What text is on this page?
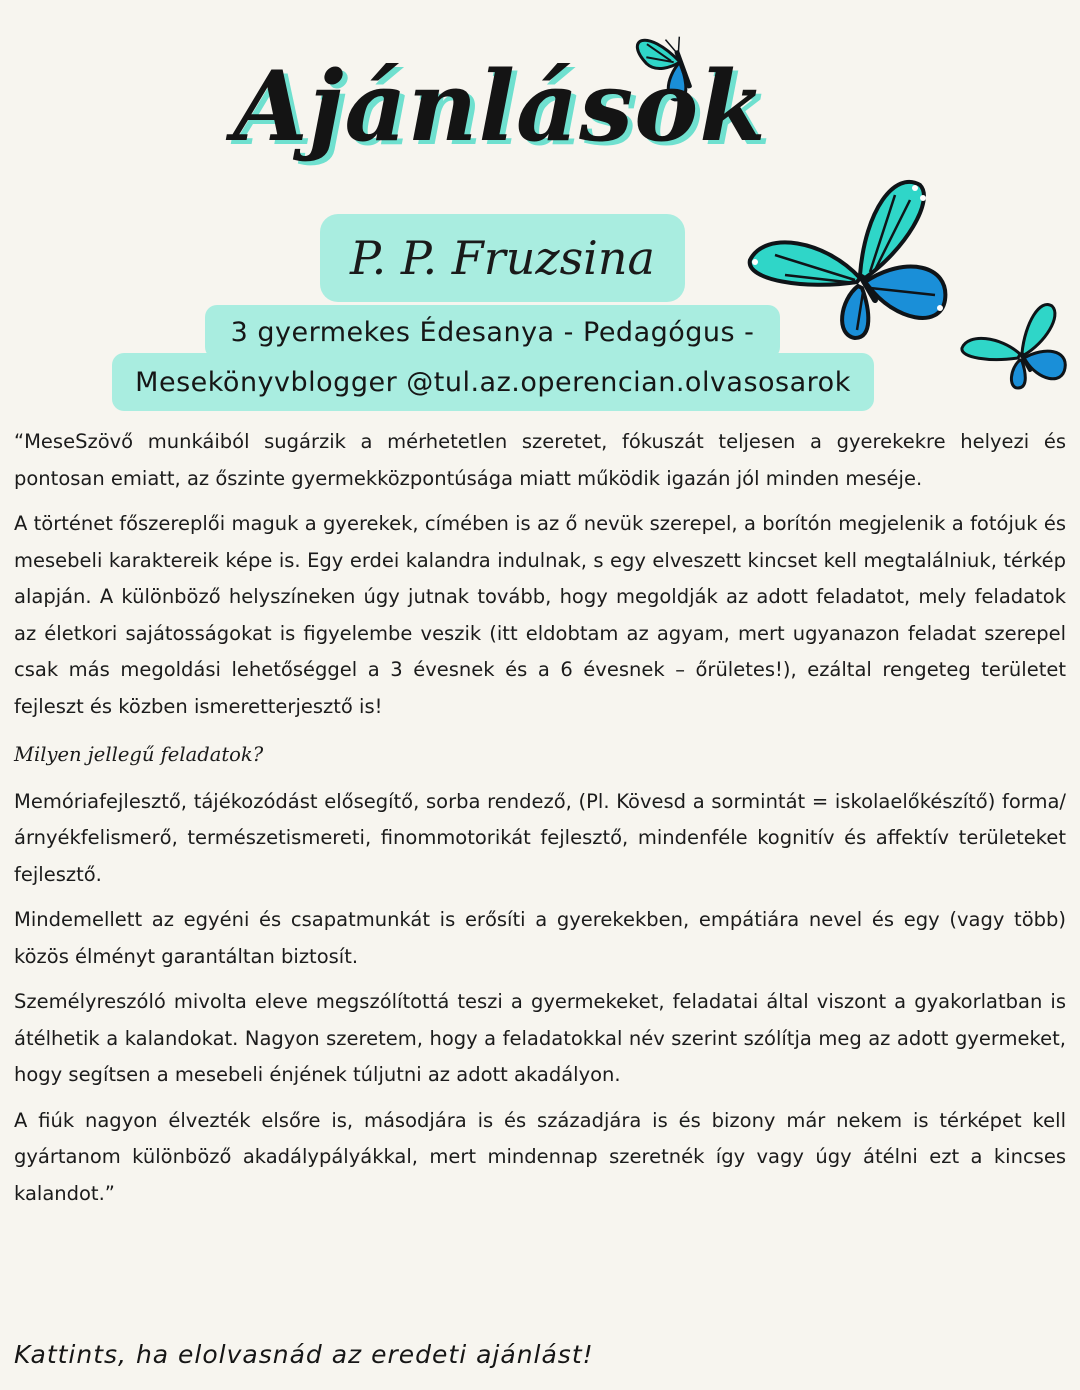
Ajánlások
P. P. Fruzsina
3 gyermekes Édesanya - Pedagógus -
Mesekönyvblogger @tul.az.operencian.olvasosarok

“MeseSzövő munkáiból sugárzik a mérhetetlen szeretet, fókuszát teljesen a gyerekekre helyezi és pontosan emiatt, az őszinte gyermekközpontúsága miatt működik igazán jól minden meséje.

A történet főszereplői maguk a gyerekek, címében is az ő nevük szerepel, a borítón megjelenik a fotójuk és mesebeli karaktereik képe is. Egy erdei kalandra indulnak, s egy elveszett kincset kell megtalálniuk, térkép alapján. A különböző helyszíneken úgy jutnak tovább, hogy megoldják az adott feladatot, mely feladatok az életkori sajátosságokat is figyelembe veszik (itt eldobtam az agyam, mert ugyanazon feladat szerepel csak más megoldási lehetőséggel a 3 évesnek és a 6 évesnek – őrületes!), ezáltal rengeteg területet fejleszt és közben ismeretterjesztő is!

Milyen jellegű feladatok?

Memóriafejlesztő, tájékozódást elősegítő, sorba rendező, (Pl. Kövesd a sormintát = iskolaelőkészítő) forma/árnyékfelismerő, természetismereti, finommotorikát fejlesztő, mindenféle kognitív és affektív területeket fejlesztő.

Mindemellett az egyéni és csapatmunkát is erősíti a gyerekekben, empátiára nevel és egy (vagy több) közös élményt garantáltan biztosít.

Személyreszóló mivolta eleve megszólítottá teszi a gyermekeket, feladatai által viszont a gyakorlatban is átélhetik a kalandokat. Nagyon szeretem, hogy a feladatokkal név szerint szólítja meg az adott gyermeket, hogy segítsen a mesebeli énjének túljutni az adott akadályon.

A fiúk nagyon élvezték elsőre is, másodjára is és századjára is és bizony már nekem is térképet kell gyártanom különböző akadálypályákkal, mert mindennap szeretnék így vagy úgy átélni ezt a kincses kalandot.”

Kattints, ha elolvasnád az eredeti ajánlást!
